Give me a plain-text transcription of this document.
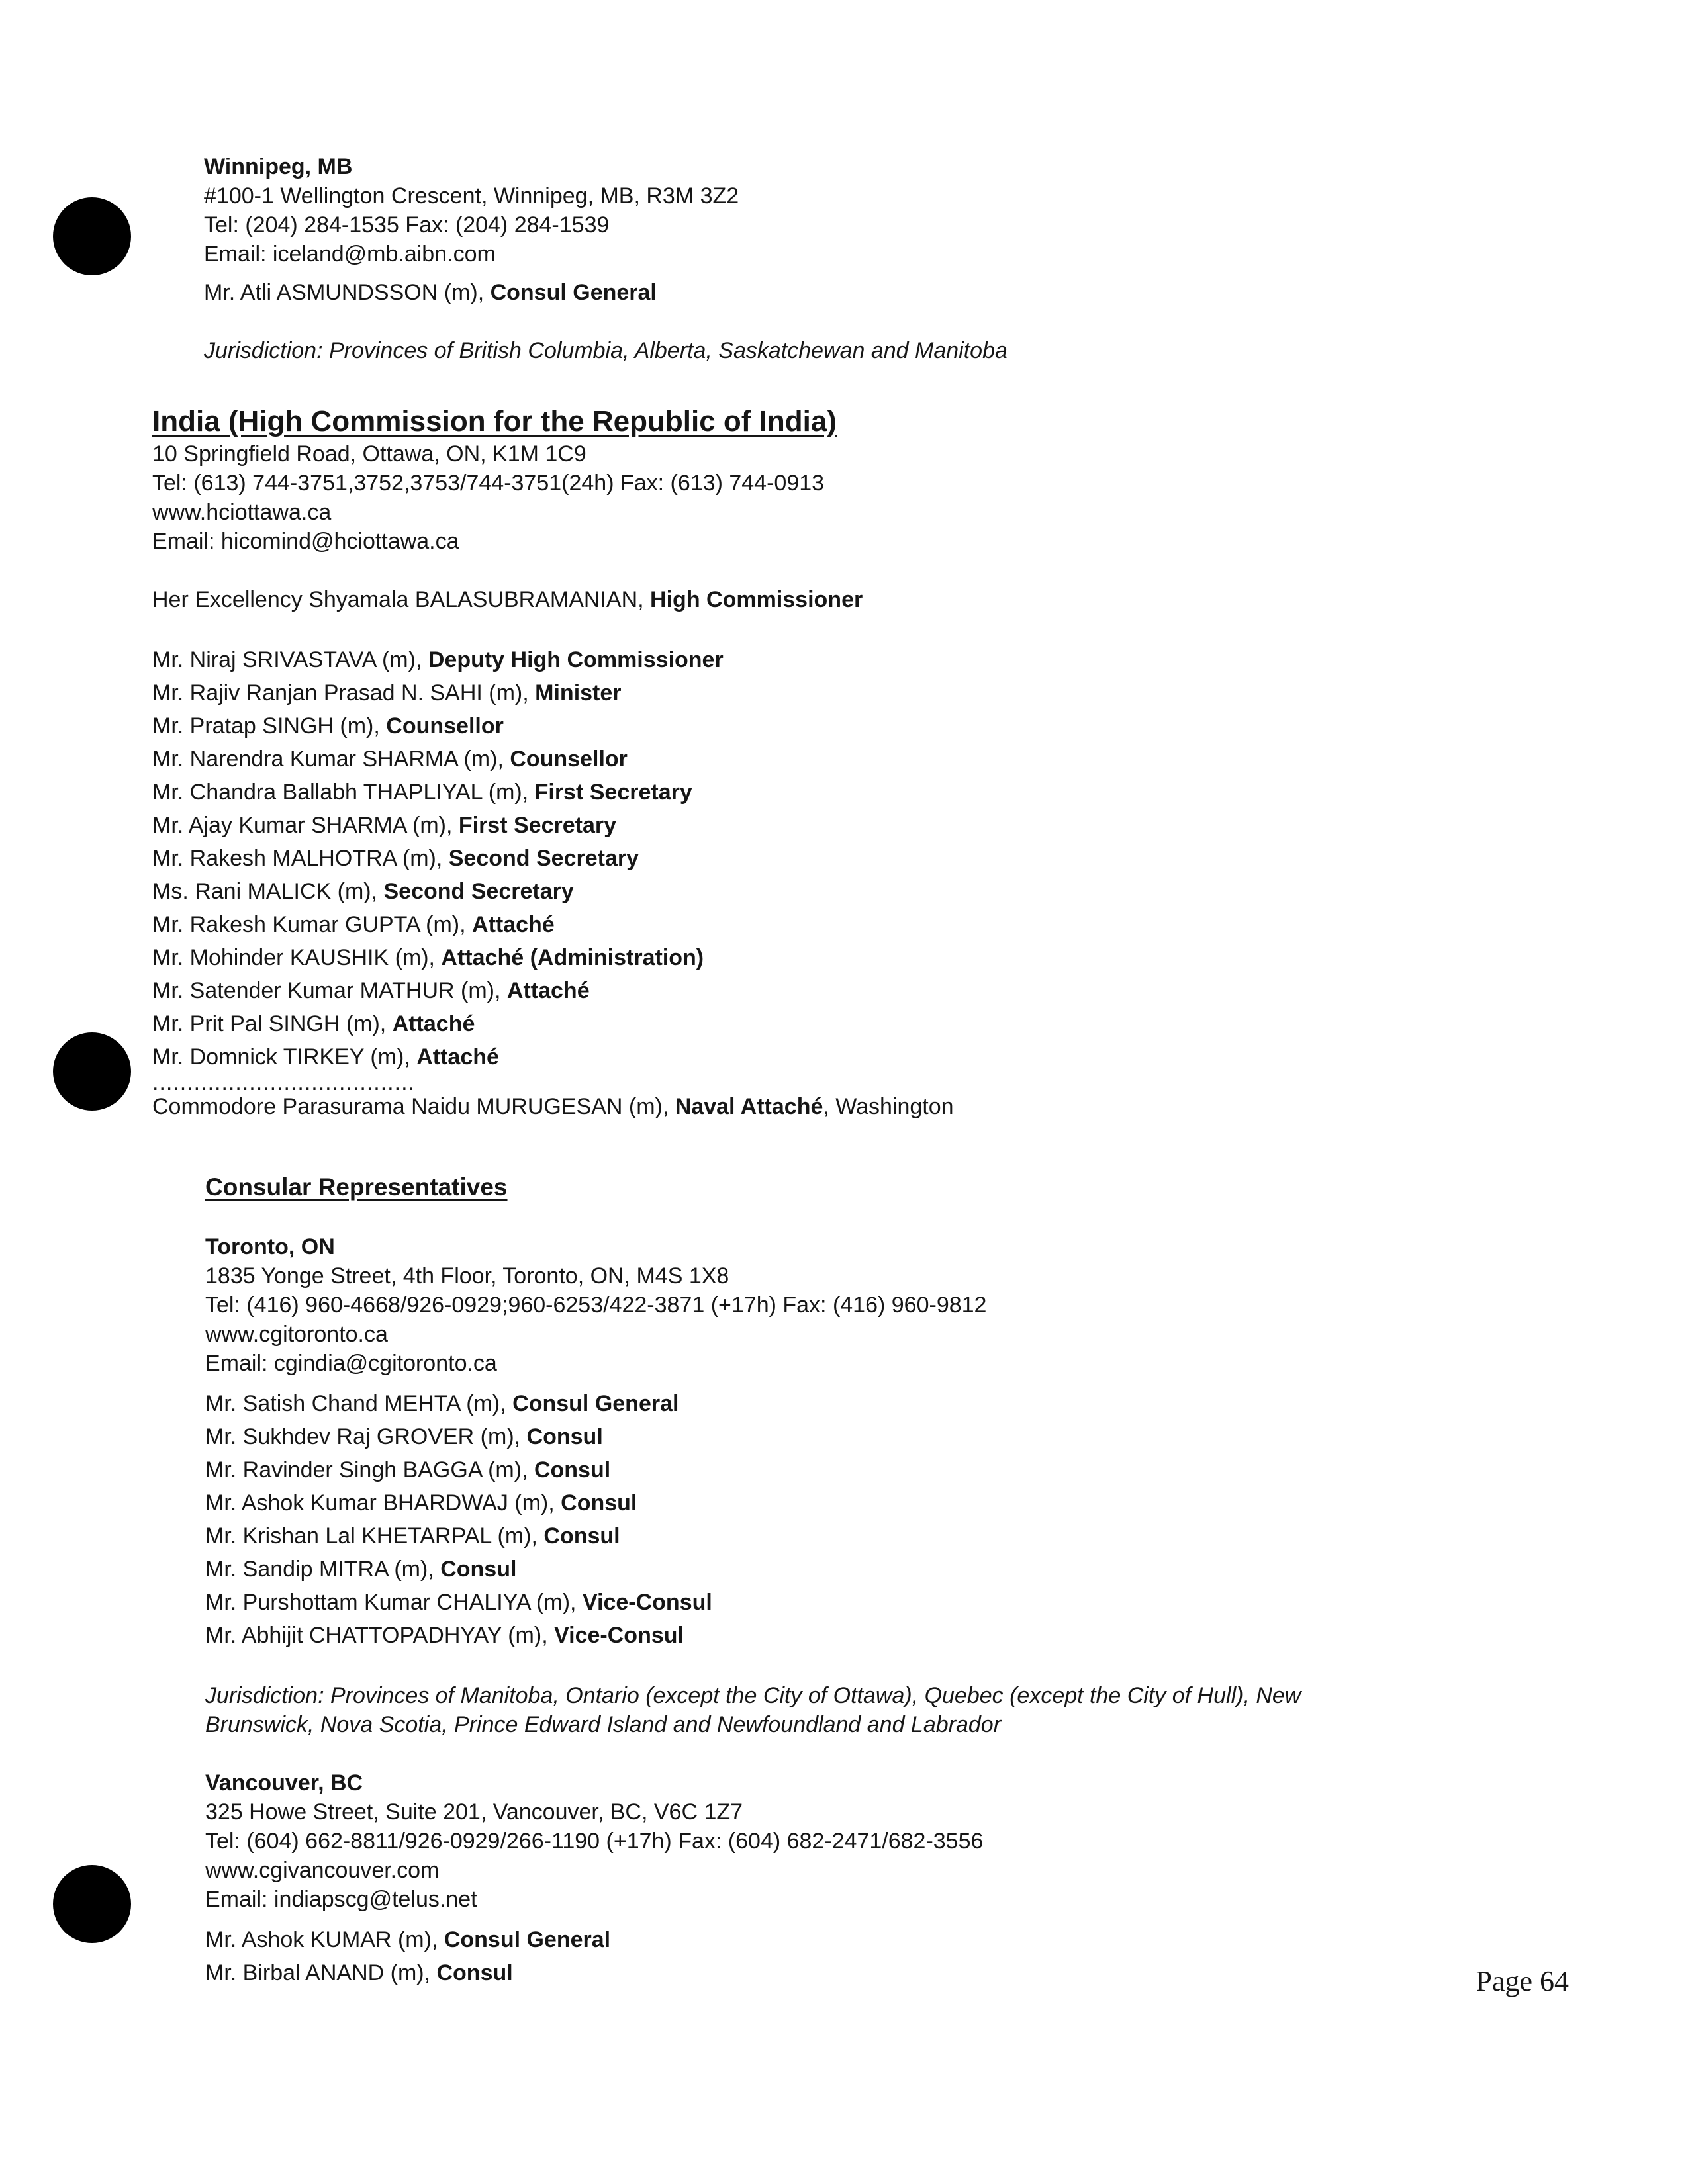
Winnipeg, MB
#100-1 Wellington Crescent, Winnipeg, MB, R3M 3Z2
Tel: (204) 284-1535 Fax: (204) 284-1539
Email: iceland@mb.aibn.com
Mr. Atli ASMUNDSSON (m), Consul General
Jurisdiction: Provinces of British Columbia, Alberta, Saskatchewan and Manitoba
India (High Commission for the Republic of India)
10 Springfield Road, Ottawa, ON, K1M 1C9
Tel: (613) 744-3751,3752,3753/744-3751(24h) Fax: (613) 744-0913
www.hciottawa.ca
Email: hicomind@hciottawa.ca
Her Excellency Shyamala BALASUBRAMANIAN, High Commissioner
Mr. Niraj SRIVASTAVA (m), Deputy High Commissioner
Mr. Rajiv Ranjan Prasad N. SAHI (m), Minister
Mr. Pratap SINGH (m), Counsellor
Mr. Narendra Kumar SHARMA (m), Counsellor
Mr. Chandra Ballabh THAPLIYAL (m), First Secretary
Mr. Ajay Kumar SHARMA (m), First Secretary
Mr. Rakesh MALHOTRA (m), Second Secretary
Ms. Rani MALICK (m), Second Secretary
Mr. Rakesh Kumar GUPTA (m), Attaché
Mr. Mohinder KAUSHIK (m), Attaché (Administration)
Mr. Satender Kumar MATHUR (m), Attaché
Mr. Prit Pal SINGH (m), Attaché
Mr. Domnick TIRKEY (m), Attaché
......................................
Commodore Parasurama Naidu MURUGESAN (m), Naval Attaché, Washington
Consular Representatives
Toronto, ON
1835 Yonge Street, 4th Floor, Toronto, ON, M4S 1X8
Tel: (416) 960-4668/926-0929;960-6253/422-3871 (+17h) Fax: (416) 960-9812
www.cgitoronto.ca
Email: cgindia@cgitoronto.ca
Mr. Satish Chand MEHTA (m), Consul General
Mr. Sukhdev Raj GROVER (m), Consul
Mr. Ravinder Singh BAGGA (m), Consul
Mr. Ashok Kumar BHARDWAJ (m), Consul
Mr. Krishan Lal KHETARPAL (m), Consul
Mr. Sandip MITRA (m), Consul
Mr. Purshottam Kumar CHALIYA (m), Vice-Consul
Mr. Abhijit CHATTOPADHYAY (m), Vice-Consul
Jurisdiction: Provinces of Manitoba, Ontario (except the City of Ottawa), Quebec (except the City of Hull), New
Brunswick, Nova Scotia, Prince Edward Island and Newfoundland and Labrador
Vancouver, BC
325 Howe Street, Suite 201, Vancouver, BC, V6C 1Z7
Tel: (604) 662-8811/926-0929/266-1190 (+17h) Fax: (604) 682-2471/682-3556
www.cgivancouver.com
Email: indiapscg@telus.net
Mr. Ashok KUMAR (m), Consul General
Mr. Birbal ANAND (m), Consul	Page 64
